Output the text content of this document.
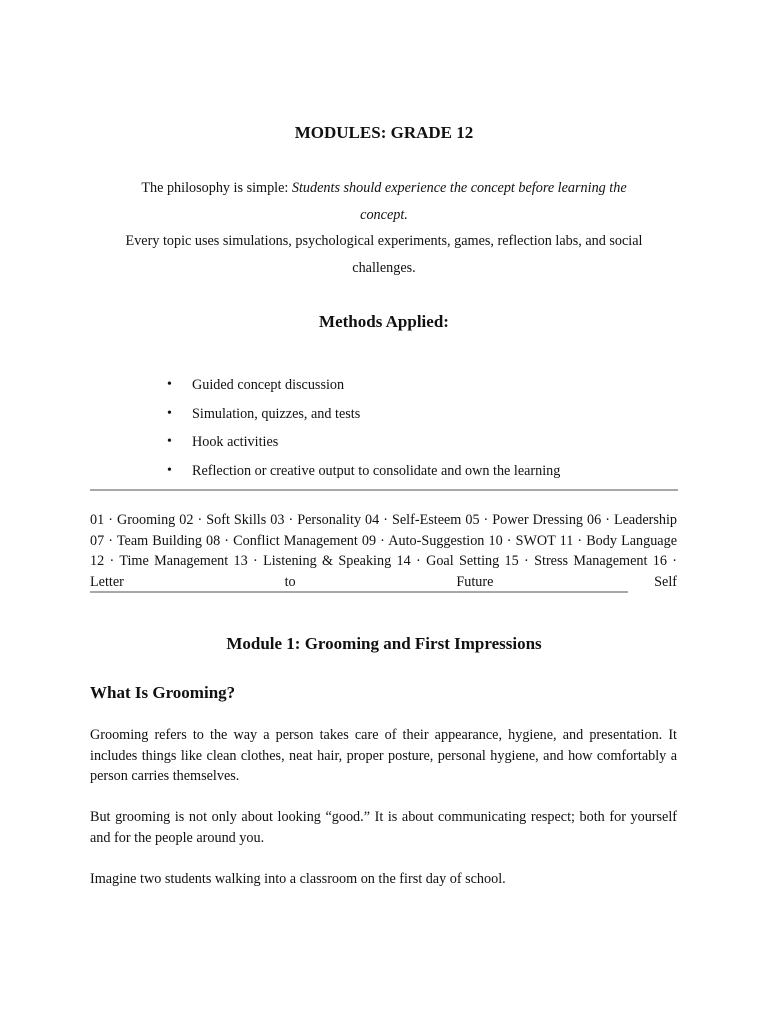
MODULES: GRADE 12

The philosophy is simple: Students should experience the concept before learning the concept.
Every topic uses simulations, psychological experiments, games, reflection labs, and social challenges.

Methods Applied:
• Guided concept discussion
• Simulation, quizzes, and tests
• Hook activities
• Reflection or creative output to consolidate and own the learning

01 · Grooming 02 · Soft Skills 03 · Personality 04 · Self-Esteem 05 · Power Dressing 06 · Leadership 07 · Team Building 08 · Conflict Management 09 · Auto-Suggestion 10 · SWOT 11 · Body Language 12 · Time Management 13 · Listening & Speaking 14 · Goal Setting 15 · Stress Management 16 · Letter to Future Self

Module 1: Grooming and First Impressions
What Is Grooming?

Grooming refers to the way a person takes care of their appearance, hygiene, and presentation. It includes things like clean clothes, neat hair, proper posture, personal hygiene, and how comfortably a person carries themselves.

But grooming is not only about looking “good.” It is about communicating respect; both for yourself and for the people around you.

Imagine two students walking into a classroom on the first day of school.
